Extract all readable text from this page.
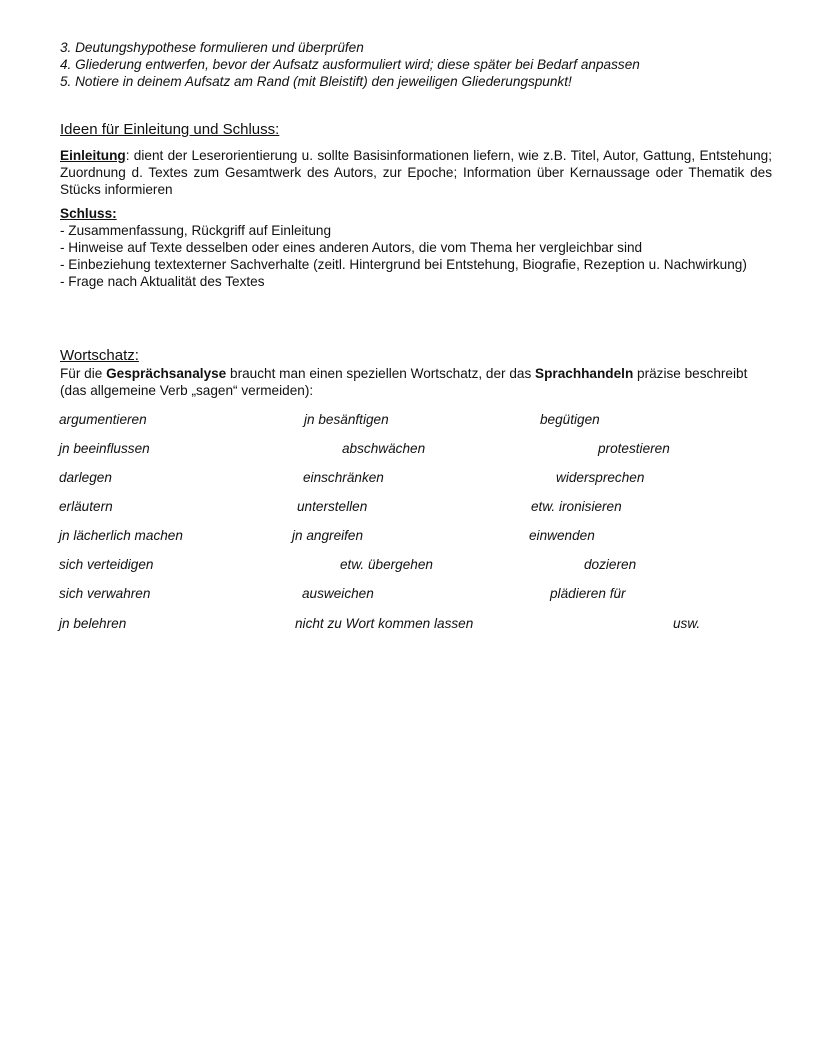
3. Deutungshypothese formulieren und überprüfen
4. Gliederung entwerfen, bevor der Aufsatz ausformuliert wird; diese später bei Bedarf anpassen
5. Notiere in deinem Aufsatz am Rand (mit Bleistift) den jeweiligen Gliederungspunkt!
Ideen für Einleitung und Schluss:
Einleitung: dient der Leserorientierung u. sollte Basisinformationen liefern, wie z.B. Titel, Autor, Gattung, Entstehung; Zuordnung d. Textes zum Gesamtwerk des Autors, zur Epoche; Information über Kernaussage oder Thematik des Stücks informieren
Schluss:
- Zusammenfassung, Rückgriff auf Einleitung
- Hinweise auf Texte desselben oder eines anderen Autors, die vom Thema her vergleichbar sind
- Einbeziehung textexterner Sachverhalte (zeitl. Hintergrund bei Entstehung, Biografie, Rezeption u. Nachwirkung)
- Frage nach Aktualität des Textes
Wortschatz:
Für die Gesprächsanalyse braucht man einen speziellen Wortschatz, der das Sprachhandeln präzise beschreibt
(das allgemeine Verb „sagen“ vermeiden):
argumentieren	jn besänftigen	begütigen
jn beeinflussen	abschwächen	protestieren
darlegen	einschränken	widersprechen
erläutern	unterstellen	etw. ironisieren
jn lächerlich machen	jn angreifen	einwenden
sich verteidigen	etw. übergehen	dozieren
sich verwahren	ausweichen	plädieren für
jn belehren	nicht zu Wort kommen lassen	usw.
